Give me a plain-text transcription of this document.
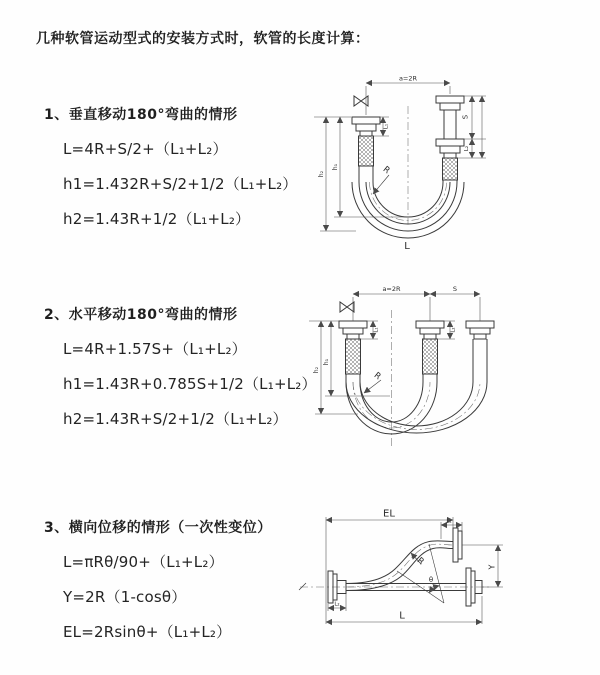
几种软管运动型式的安装方式时，软管的长度计算：

1、垂直移动180°弯曲的情形

L=4R+S/2+（L₁+L₂）

h1=1.432R+S/2+1/2（L₁+L₂）

h2=1.43R+1/2（L₁+L₂）

a=2R
S
L₂
L₁
h₁
h₂	R
L

2、水平移动180°弯曲的情形

L=4R+1.57S+（L₁+L₂）

h1=1.43R+0.785S+1/2（L₁+L₂）

h2=1.43R+S/2+1/2（L₁+L₂）

a=2R	S
L₁	L₂
h₁
h₂
R

3、横向位移的情形（一次性变位）

L=πRθ/90+（L₁+L₂）

Y=2R（1-cosθ）

EL=2Rsinθ+（L₁+L₂）

EL
L₁
Y
R
θ
L
L₂
